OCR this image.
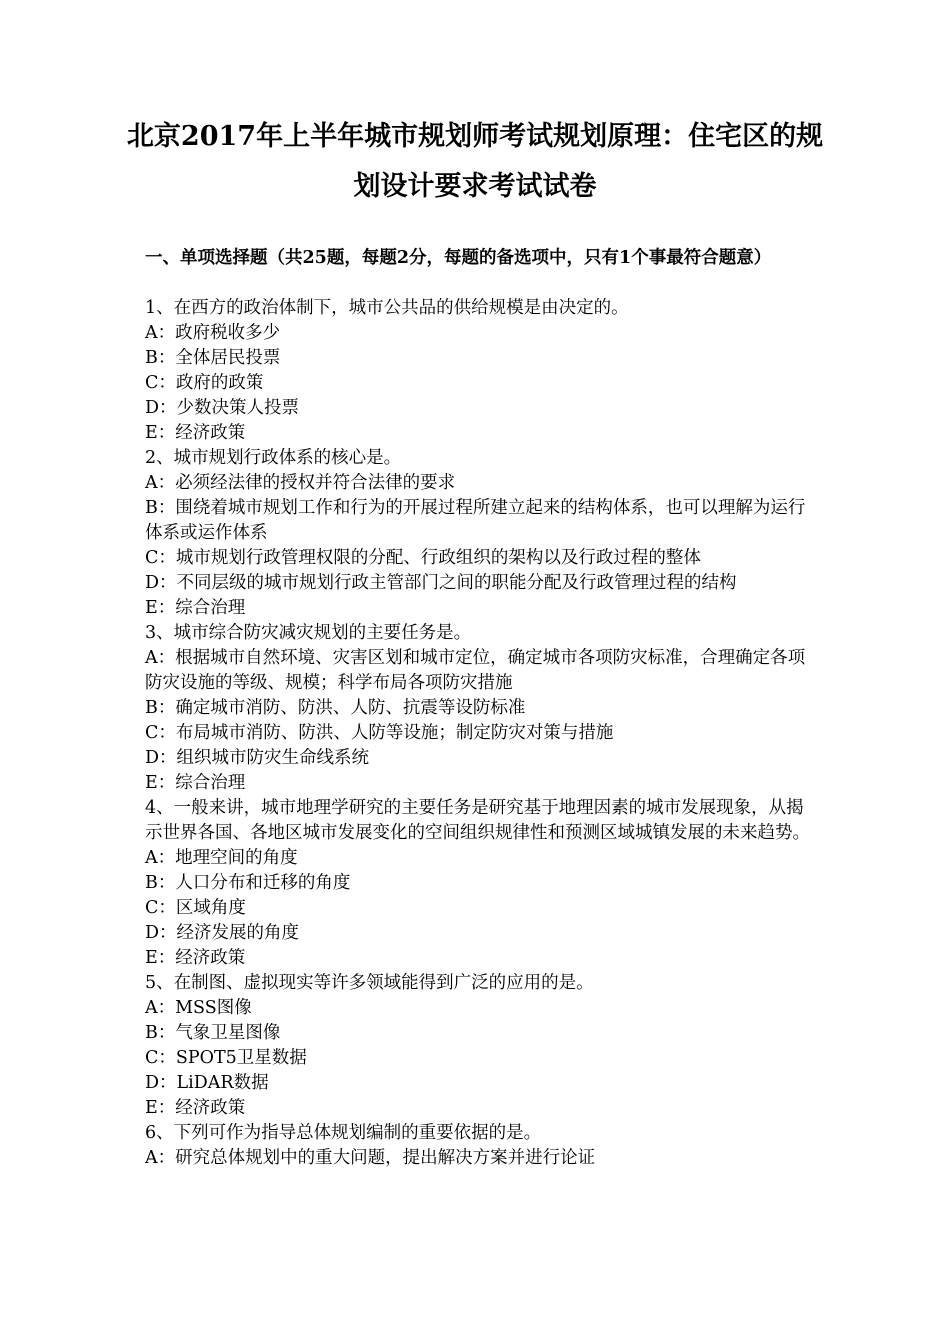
北京2017年上半年城市规划师考试规划原理：住宅区的规划设计要求考试试卷
一、单项选择题（共25题，每题2分，每题的备选项中，只有1个事最符合题意）
1、在西方的政治体制下，城市公共品的供给规模是由决定的。
A：政府税收多少
B：全体居民投票
C：政府的政策
D：少数决策人投票
E：经济政策
2、城市规划行政体系的核心是。
A：必须经法律的授权并符合法律的要求
B：围绕着城市规划工作和行为的开展过程所建立起来的结构体系，也可以理解为运行体系或运作体系
C：城市规划行政管理权限的分配、行政组织的架构以及行政过程的整体
D：不同层级的城市规划行政主管部门之间的职能分配及行政管理过程的结构
E：综合治理
3、城市综合防灾减灾规划的主要任务是。
A：根据城市自然环境、灾害区划和城市定位，确定城市各项防灾标准，合理确定各项防灾设施的等级、规模；科学布局各项防灾措施
B：确定城市消防、防洪、人防、抗震等设防标准
C：布局城市消防、防洪、人防等设施；制定防灾对策与措施
D：组织城市防灾生命线系统
E：综合治理
4、一般来讲，城市地理学研究的主要任务是研究基于地理因素的城市发展现象，从揭示世界各国、各地区城市发展变化的空间组织规律性和预测区域城镇发展的未来趋势。
A：地理空间的角度
B：人口分布和迁移的角度
C：区域角度
D：经济发展的角度
E：经济政策
5、在制图、虚拟现实等许多领域能得到广泛的应用的是。
A：MSS图像
B：气象卫星图像
C：SPOT5卫星数据
D：LiDAR数据
E：经济政策
6、下列可作为指导总体规划编制的重要依据的是。
A：研究总体规划中的重大问题，提出解决方案并进行论证
